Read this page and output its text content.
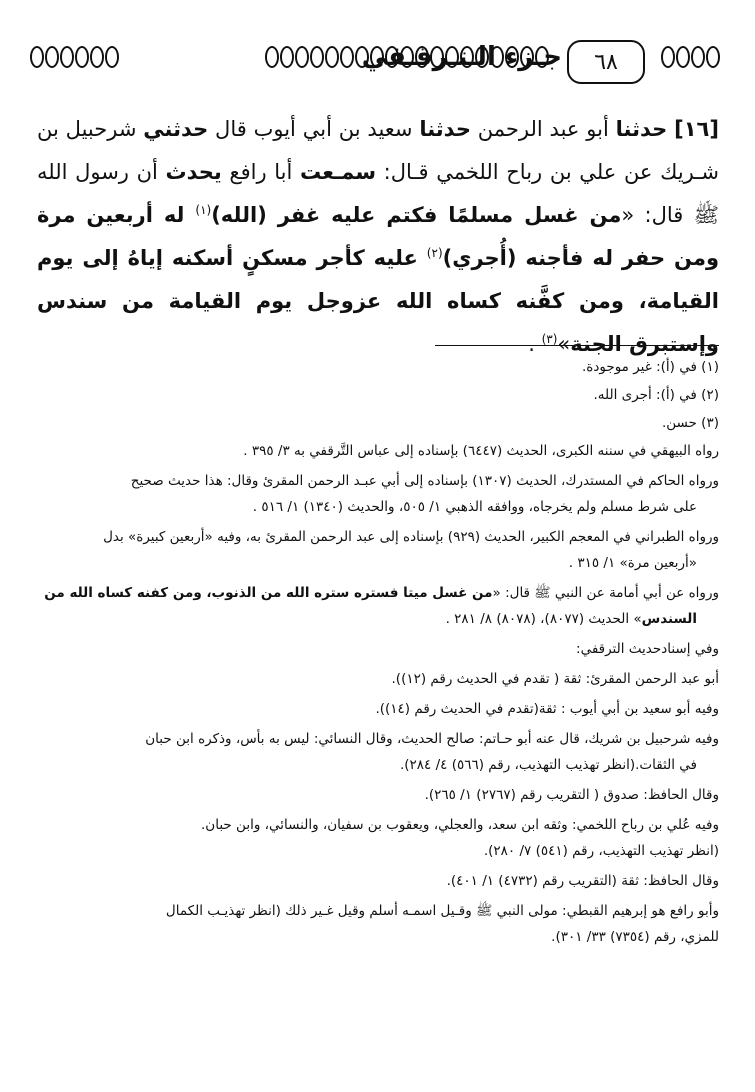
٦٨
جـزء الـتـرقـفي

[١٦] حدثنا أبو عبد الرحمن حدثنا سعيد بن أبي أيوب قال حدثني شرحبيل بن شـريك عن علي بن رباح اللخمي قـال: سمـعت أبا رافع يحدث أن رسول الله ﷺ قال: «من غسل مسلمًا فكتم عليه غفر (الله)$^{(١)}$ له أربعين مرة ومن حفر له فأجنه (أُجري)$^{(٢)}$ عليه كأجر مسكنٍ أسكنه إياهُ إلى يوم القيامة، ومن كفَّنه كساه الله عزوجل يوم القيامة من سندس وإستبرق الجنة»$^{(٣)}$ .

(١) في (أ): غير موجودة.

(٢) في (أ): أجرى الله.

(٣) حسن.

رواه البيهقي في سننه الكبرى، الحديث (٦٤٤٧) بإسناده إلى عباس التَّرقفي به ٣/ ٣٩٥ .

ورواه الحاكم في المستدرك، الحديث (١٣٠٧) بإسناده إلى أبي عبـد الرحمن المقرئ وقال: هذا حديث صحيح
على شرط مسلم ولم يخرجاه، ووافقه الذهبي ١/ ٥٠٥، والحديث (١٣٤٠) ١/ ٥١٦ .

ورواه الطبراني في المعجم الكبير، الحديث (٩٢٩) بإسناده إلى عبد الرحمن المقرئ به، وفيه «أربعين كبيرة» بدل
«أربعين مرة» ١/ ٣١٥ .

ورواه عن أبي أمامة عن النبي ﷺ قال: «من غسل ميتا فستره ستره الله من الذنوب، ومن كفنه كساه الله من
السندس» الحديث (٨٠٧٧)، (٨٠٧٨) ٨/ ٢٨١ .

وفي إسنادحديث الترقفي:

أبو عبد الرحمن المقرئ: ثقة ( تقدم في الحديث رقم (١٢)).

وفيه أبو سعيد بن أبي أيوب : ثقة(تقدم في الحديث رقم (١٤)).

وفيه شرحبيل بن شريك، قال عنه أبو حـاتم: صالح الحديث، وقال النسائي: ليس به بأس، وذكره ابن حبان
في الثقات.(انظر تهذيب التهذيب، رقم (٥٦٦) ٤/ ٢٨٤).

وقال الحافظ: صدوق ( التقريب رقم (٢٧٦٧) ١/ ٢٦٥).

وفيه عُلي بن رباح اللخمي: وثقه ابن سعد، والعجلي، ويعقوب بن سفيان، والنسائي، وابن حبان.
(انظر تهذيب التهذيب، رقم (٥٤١) ٧/ ٢٨٠).

وقال الحافظ: ثقة (التقريب رقم (٤٧٣٢) ١/ ٤٠١).

وأبو رافع هو إبرهيم القبطي: مولى النبي ﷺ وقـيل اسمـه أسلم وقيل غـير ذلك (انظر تهذيـب الكمال
للمزي، رقم (٧٣٥٤) ٣٣/ ٣٠١).
